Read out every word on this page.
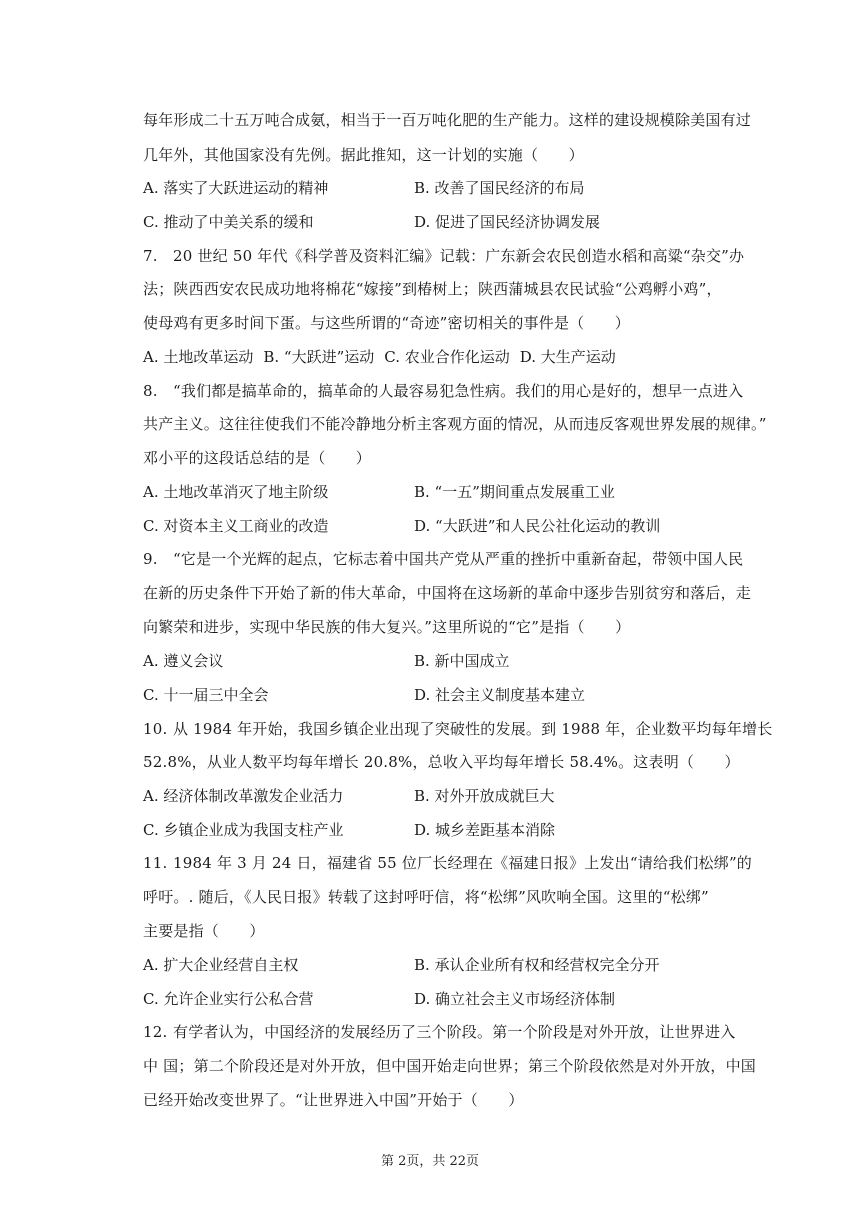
每年形成二十五万吨合成氨，相当于一百万吨化肥的生产能力。这样的建设规模除美国有过
几年外，其他国家没有先例。据此推知，这一计划的实施（　　）
A. 落实了大跃进运动的精神	B. 改善了国民经济的布局
C. 推动了中美关系的缓和	D. 促进了国民经济协调发展
7. 20 世纪 50 年代《科学普及资料汇编》记载：广东新会农民创造水稻和高粱“杂交”办
法；陕西西安农民成功地将棉花“嫁接”到椿树上；陕西蒲城县农民试验“公鸡孵小鸡”，
使母鸡有更多时间下蛋。与这些所谓的“奇迹”密切相关的事件是（　　）
A. 土地改革运动 B. “大跃进”运动 C. 农业合作化运动 D. 大生产运动
8. “我们都是搞革命的，搞革命的人最容易犯急性病。我们的用心是好的，想早一点进入
共产主义。这往往使我们不能冷静地分析主客观方面的情况，从而违反客观世界发展的规律。”
邓小平的这段话总结的是（　　）
A. 土地改革消灭了地主阶级	B. “一五”期间重点发展重工业
C. 对资本主义工商业的改造	D. “大跃进”和人民公社化运动的教训
9. “它是一个光辉的起点，它标志着中国共产党从严重的挫折中重新奋起，带领中国人民
在新的历史条件下开始了新的伟大革命，中国将在这场新的革命中逐步告别贫穷和落后，走
向繁荣和进步，实现中华民族的伟大复兴。”这里所说的“它”是指（　　）
A. 遵义会议	B. 新中国成立
C. 十一届三中全会	D. 社会主义制度基本建立
10. 从 1984 年开始，我国乡镇企业出现了突破性的发展。到 1988 年，企业数平均每年增长
52.8%，从业人数平均每年增长 20.8%，总收入平均每年增长 58.4%。这表明（　　）
A. 经济体制改革激发企业活力	B. 对外开放成就巨大
C. 乡镇企业成为我国支柱产业	D. 城乡差距基本消除
11. 1984 年 3 月 24 日，福建省 55 位厂长经理在《福建日报》上发出“请给我们松绑”的
呼吁。. 随后，《人民日报》转载了这封呼吁信，将“松绑”风吹响全国。这里的“松绑”
主要是指（　　）
A. 扩大企业经营自主权	B. 承认企业所有权和经营权完全分开
C. 允许企业实行公私合营	D. 确立社会主义市场经济体制
12. 有学者认为，中国经济的发展经历了三个阶段。第一个阶段是对外开放，让世界进入
中 国；第二个阶段还是对外开放，但中国开始走向世界；第三个阶段依然是对外开放，中国
已经开始改变世界了。“让世界进入中国”开始于（　　）
第 2页，共 22页
